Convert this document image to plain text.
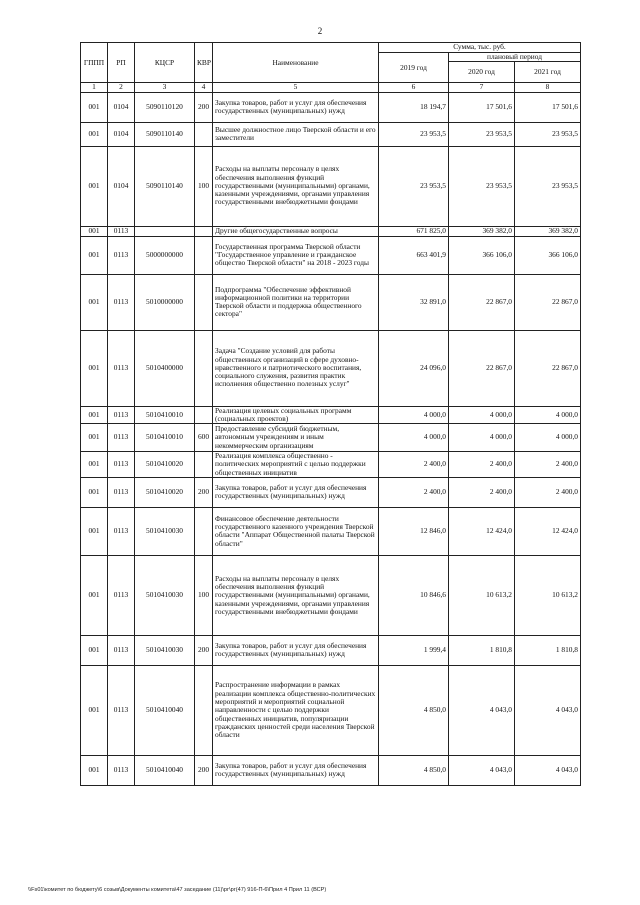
2
ГППП	РП	КЦСР	КВР	Наименование	Сумма, тыс. руб.		
					2019 год	плановый период	
						2020 год	2021 год
1	2	3	4	5	6	7	8
001	0104	5090110120	200	Закупка товаров, работ и услуг для обеспечения государственных (муниципальных) нужд	18 194,7	17 501,6	17 501,6
001	0104	5090110140		Высшее должностное лицо Тверской области и его заместители	23 953,5	23 953,5	23 953,5
001	0104	5090110140	100	Расходы на выплаты персоналу в целях обеспечения выполнения функций государственными (муниципальными) органами, казенными учреждениями, органами управления государственными внебюджетными фондами	23 953,5	23 953,5	23 953,5
001	0113			Другие общегосударственные вопросы	671 825,0	369 382,0	369 382,0
001	0113	5000000000		Государственная программа Тверской области "Государственное управление и гражданское общество Тверской области" на 2018 - 2023 годы	663 401,9	366 106,0	366 106,0
001	0113	5010000000		Подпрограмма "Обеспечение эффективной информационной политики на территории Тверской области и поддержка общественного сектора"	32 891,0	22 867,0	22 867,0
001	0113	5010400000		Задача "Создание условий для работы общественных организаций в сфере духовно-нравственного и патриотического воспитания, социального служения, развития практик исполнения общественно полезных услуг"	24 096,0	22 867,0	22 867,0
001	0113	5010410010		Реализация целевых социальных программ (социальных проектов)	4 000,0	4 000,0	4 000,0
001	0113	5010410010	600	Предоставление субсидий бюджетным, автономным учреждениям и иным некоммерческим организациям	4 000,0	4 000,0	4 000,0
001	0113	5010410020		Реализация комплекса общественно - политических мероприятий с целью поддержки общественных инициатив	2 400,0	2 400,0	2 400,0
001	0113	5010410020	200	Закупка товаров, работ и услуг для обеспечения государственных (муниципальных) нужд	2 400,0	2 400,0	2 400,0
001	0113	5010410030		Финансовое обеспечение деятельности государственного казенного учреждения Тверской области "Аппарат Общественной палаты Тверской области"	12 846,0	12 424,0	12 424,0
001	0113	5010410030	100	Расходы на выплаты персоналу в целях обеспечения выполнения функций государственными (муниципальными) органами, казенными учреждениями, органами управления государственными внебюджетными фондами	10 846,6	10 613,2	10 613,2
001	0113	5010410030	200	Закупка товаров, работ и услуг для обеспечения государственных (муниципальных) нужд	1 999,4	1 810,8	1 810,8
001	0113	5010410040		Распространение информации в рамках реализации комплекса общественно-политических мероприятий и мероприятий социальной направленности с целью поддержки общественных инициатив, популяризации гражданских ценностей среди населения Тверской области	4 850,0	4 043,0	4 043,0
001	0113	5010410040	200	Закупка товаров, работ и услуг для обеспечения государственных (муниципальных) нужд	4 850,0	4 043,0	4 043,0
\\Fs01\комитет по бюджету\6 созыв\Документы комитета\47 заседание (11)\рг\рг(47) 916-П-6\Прил 4 Прил 11 (ВСР)
